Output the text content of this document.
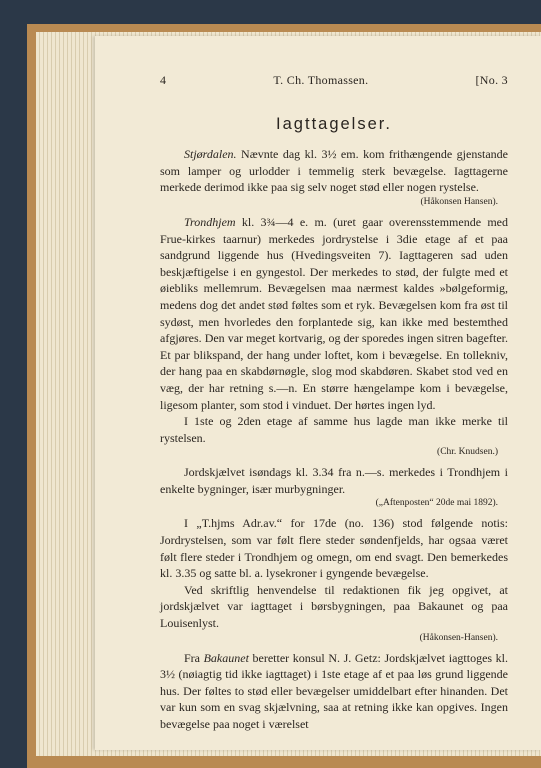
4	T. Ch. Thomassen.	[No. 3
Iagttagelser.

Stjørdalen. Nævnte dag kl. 3½ em. kom frithængende gjenstande som lamper og urlodder i temmelig sterk bevægelse. Iagttagerne merkede derimod ikke paa sig selv noget stød eller nogen rystelse.

(Håkonsen Hansen).

Trondhjem kl. 3¾—4 e. m. (uret gaar overensstemmende med Frue-kirkes taarnur) merkedes jordrystelse i 3die etage af et paa sandgrund liggende hus (Hvedingsveiten 7). Iagttageren sad uden beskjæftigelse i en gyngestol. Der merkedes to stød, der fulgte med et øiebliks mellemrum. Bevægelsen maa nærmest kaldes »bølgeformig, medens dog det andet stød føltes som et ryk. Bevægelsen kom fra øst til sydøst, men hvorledes den forplantede sig, kan ikke med bestemthed afgjøres. Den var meget kortvarig, og der sporedes ingen sitren bagefter. Et par blikspand, der hang under loftet, kom i bevægelse. En tollekniv, der hang paa en skabdørnøgle, slog mod skabdøren. Skabet stod ved en væg, der har retning s.—n. En større hængelampe kom i bevægelse, ligesom planter, som stod i vinduet. Der hørtes ingen lyd.

I 1ste og 2den etage af samme hus lagde man ikke merke til rystelsen.

(Chr. Knudsen.)

Jordskjælvet isøndags kl. 3.34 fra n.—s. merkedes i Trondhjem i enkelte bygninger, især murbygninger.

(„Aftenposten“ 20de mai 1892).

I „T.hjms Adr.av.“ for 17de (no. 136) stod følgende notis: Jordrystelsen, som var følt flere steder søndenfjelds, har ogsaa været følt flere steder i Trondhjem og omegn, om end svagt. Den bemerkedes kl. 3.35 og satte bl. a. lysekroner i gyngende bevægelse.

Ved skriftlig henvendelse til redaktionen fik jeg opgivet, at jordskjælvet var iagttaget i børsbygningen, paa Bakaunet og paa Louisenlyst.

(Håkonsen-Hansen).

Fra Bakaunet beretter konsul N. J. Getz: Jordskjælvet iagttoges kl. 3½ (nøiagtig tid ikke iagttaget) i 1ste etage af et paa løs grund liggende hus. Der føltes to stød eller bevægelser umiddelbart efter hinanden. Det var kun som en svag skjælvning, saa at retning ikke kan opgives. Ingen bevægelse paa noget i værelset
